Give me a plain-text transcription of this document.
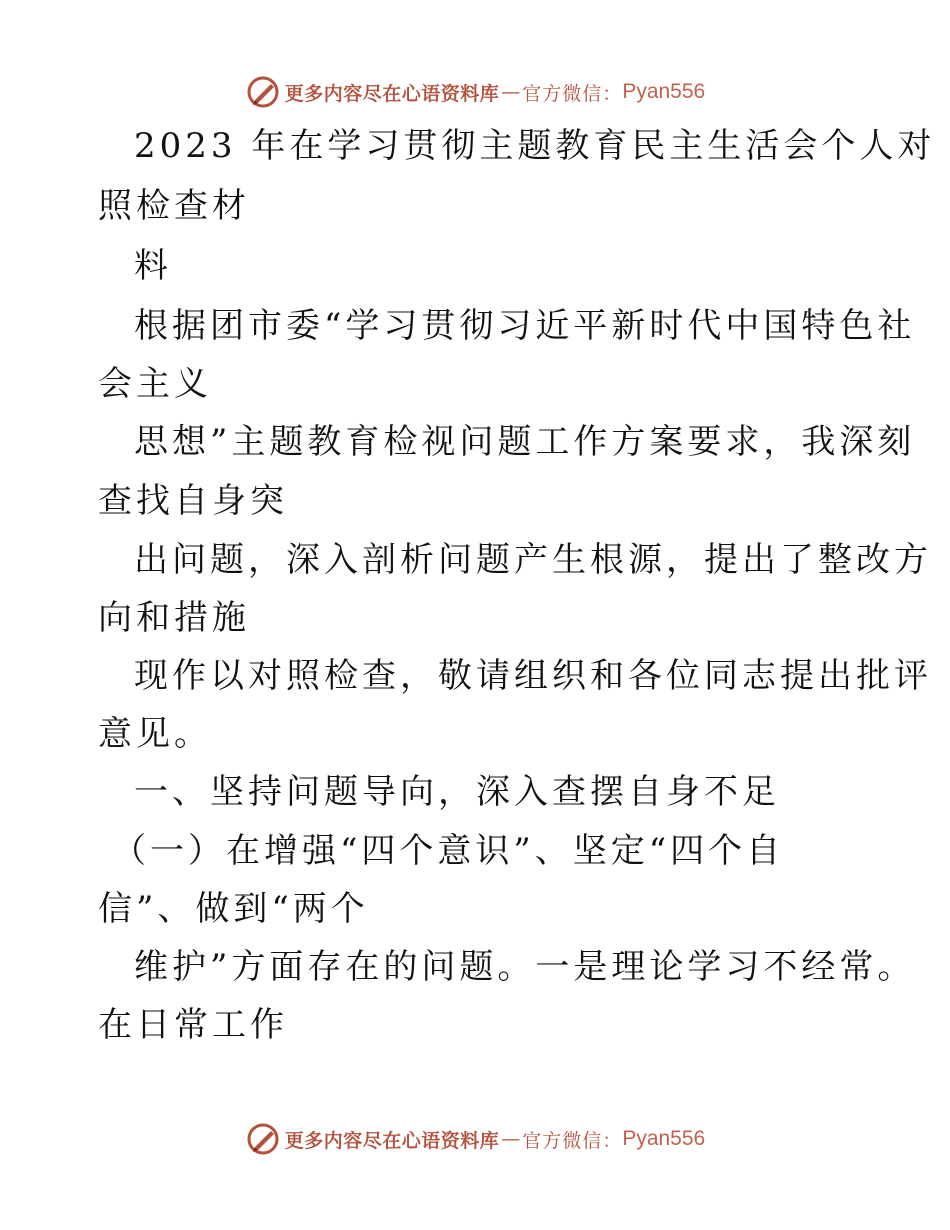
更多内容尽在心语资料库 — 官方微信： Pyan556
2023 年在学习贯彻主题教育民主生活会个人对
照检查材
料
根据团市委“学习贯彻习近平新时代中国特色社
会主义
思想”主题教育检视问题工作方案要求，我深刻
查找自身突
出问题，深入剖析问题产生根源，提出了整改方
向和措施
现作以对照检查，敬请组织和各位同志提出批评
意见。
一、坚持问题导向，深入查摆自身不足
（一）在增强“四个意识”、坚定“四个自
信”、做到“两个
维护”方面存在的问题。一是理论学习不经常。
在日常工作
更多内容尽在心语资料库 — 官方微信： Pyan556
